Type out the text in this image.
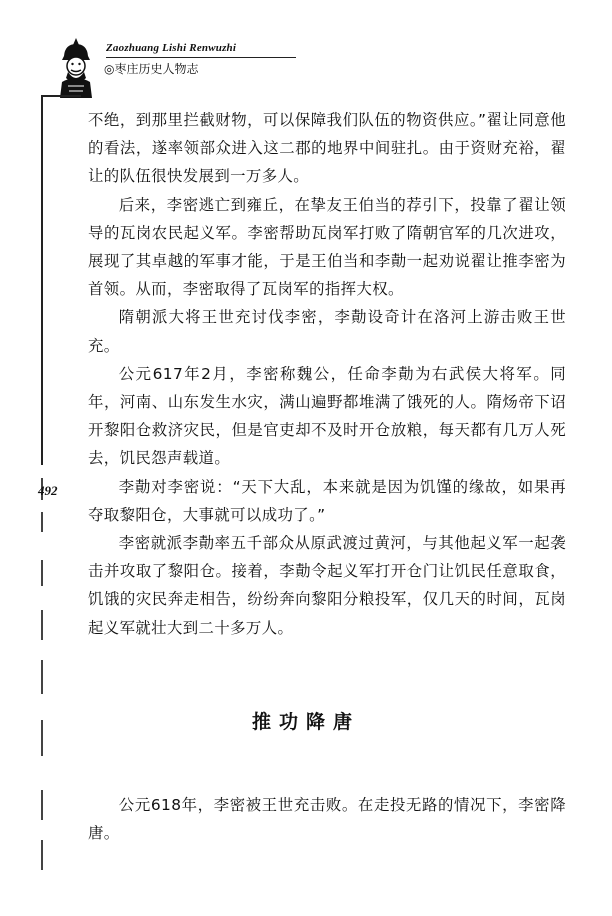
Zaozhuang Lishi Renwuzhi
◎枣庄历史人物志
492

不绝，到那里拦截财物，可以保障我们队伍的物资供应。”翟让同意他的看法，遂率领部众进入这二郡的地界中间驻扎。由于资财充裕，翟让的队伍很快发展到一万多人。

后来，李密逃亡到雍丘，在挚友王伯当的荐引下，投靠了翟让领导的瓦岗农民起义军。李密帮助瓦岗军打败了隋朝官军的几次进攻，展现了其卓越的军事才能，于是王伯当和李勣一起劝说翟让推李密为首领。从而，李密取得了瓦岗军的指挥大权。

隋朝派大将王世充讨伐李密，李勣设奇计在洛河上游击败王世充。

公元617年2月，李密称魏公，任命李勣为右武侯大将军。同年，河南、山东发生水灾，满山遍野都堆满了饿死的人。隋炀帝下诏开黎阳仓救济灾民，但是官吏却不及时开仓放粮，每天都有几万人死去，饥民怨声载道。

李勣对李密说：“天下大乱，本来就是因为饥馑的缘故，如果再夺取黎阳仓，大事就可以成功了。”

李密就派李勣率五千部众从原武渡过黄河，与其他起义军一起袭击并攻取了黎阳仓。接着，李勣令起义军打开仓门让饥民任意取食，饥饿的灾民奔走相告，纷纷奔向黎阳分粮投军，仅几天的时间，瓦岗起义军就壮大到二十多万人。

推功降唐

公元618年，李密被王世充击败。在走投无路的情况下，李密降唐。
